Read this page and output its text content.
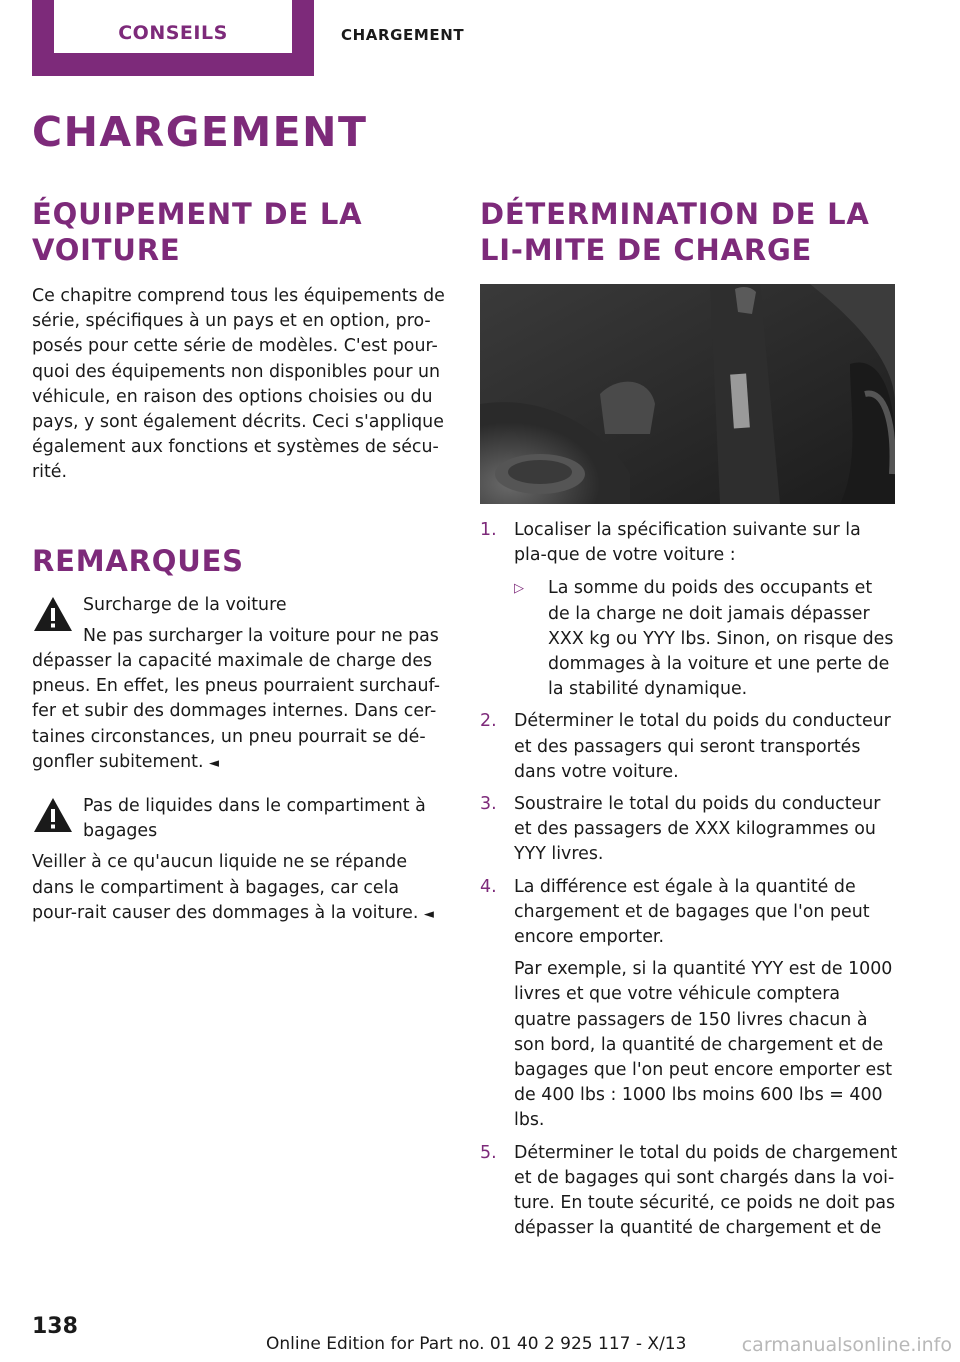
CONSEILS	CHARGEMENT
CHARGEMENT
ÉQUIPEMENT DE LA VOITURE

Ce chapitre comprend tous les équipements de série, spécifiques à un pays et en option, pro-posés pour cette série de modèles. C'est pour-quoi des équipements non disponibles pour un véhicule, en raison des options choisies ou du pays, y sont également décrits. Ceci s'applique également aux fonctions et systèmes de sécu-rité.

REMARQUES
Surcharge de la voiture
Ne pas surcharger la voiture pour ne pas

dépasser la capacité maximale de charge des pneus. En effet, les pneus pourraient surchauf-fer et subir des dommages internes. Dans cer-taines circonstances, un pneu pourrait se dé-gonfler subitement. ◄

Pas de liquides dans le compartiment à bagages

Veiller à ce qu'aucun liquide ne se répande dans le compartiment à bagages, car cela pour-rait causer des dommages à la voiture. ◄

DÉTERMINATION DE LA LI-MITE DE CHARGE
1.	Localiser la spécification suivante sur la pla-que de votre voiture :
▷	La somme du poids des occupants et de la charge ne doit jamais dépasser XXX kg ou YYY lbs. Sinon, on risque des dommages à la voiture et une perte de la stabilité dynamique.
2.	Déterminer le total du poids du conducteur et des passagers qui seront transportés dans votre voiture.
3.	Soustraire le total du poids du conducteur et des passagers de XXX kilogrammes ou YYY livres.
4.	La différence est égale à la quantité de chargement et de bagages que l'on peut encore emporter.
Par exemple, si la quantité YYY est de 1000 livres et que votre véhicule comptera quatre passagers de 150 livres chacun à son bord, la quantité de chargement et de bagages que l'on peut encore emporter est de 400 lbs : 1000 lbs moins 600 lbs = 400 lbs.
5.	Déterminer le total du poids de chargement et de bagages qui sont chargés dans la voi-ture. En toute sécurité, ce poids ne doit pas dépasser la quantité de chargement et de
138
Online Edition for Part no. 01 40 2 925 117 - X/13	carmanualsonline.info
